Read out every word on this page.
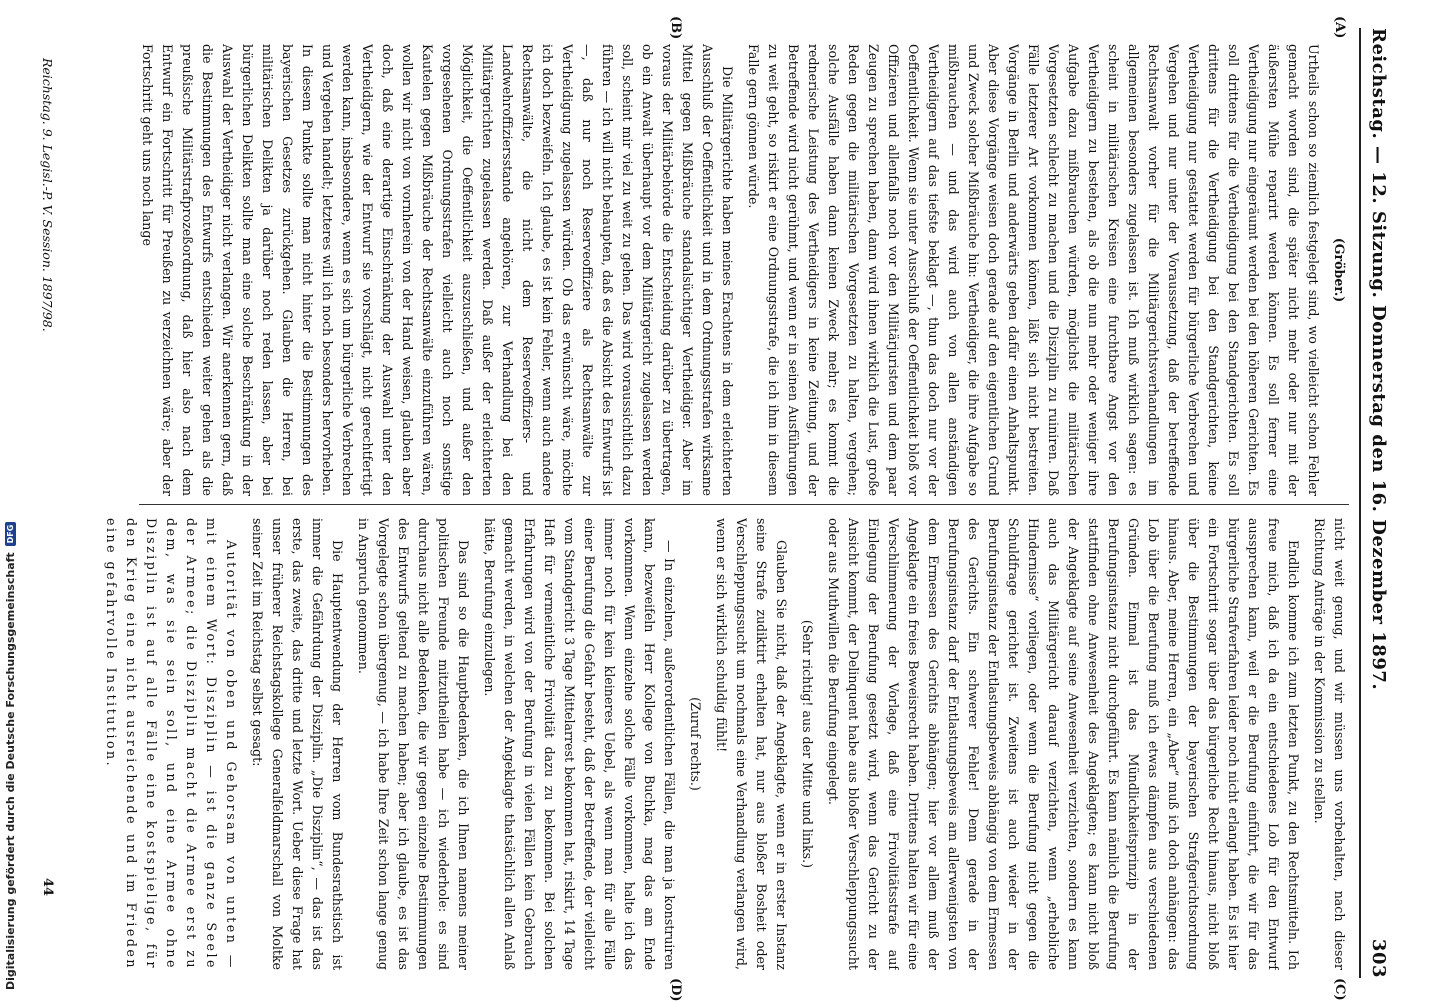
Reichstag. — 12. Sitzung. Donnerstag den 16. Dezember 1897.
303
(A)
(B)
(C)
(D)

(Gröber.)

Urtheils schon so ziemlich festgelegt sind, wo vielleicht schon Fehler gemacht worden sind, die später nicht mehr oder nur mit der äußersten Mühe reparirt werden können. Es soll ferner eine Vertheidigung nur eingeräumt werden bei den höheren Gerichten. Es soll drittens für die Vertheidigung bei den Standgerichten. Es soll drittens für die Vertheidigung bei den Standgerichten, keine Vertheidigung nur gestattet werden für bürgerliche Verbrechen und Vergehen und nur unter der Voraussetzung, daß der betreffende Rechtsanwalt vorher für die Militärgerichtsverhandlungen im allgemeinen besonders zugelassen ist. Ich muß wirklich sagen: es scheint in militärischen Kreisen eine furchtbare Angst vor den Vertheidigern zu bestehen, als ob die nun mehr oder weniger ihre Aufgabe dazu mißbrauchen würden, möglichst die militärischen Vorgesetzten schlecht zu machen und die Disziplin zu ruiniren. Daß Fälle letzterer Art vorkommen können, läßt sich nicht bestreiten. Vorgänge in Berlin und anderwärts geben dafür einen Anhaltspunkt. Aber diese Vorgänge weisen doch gerade auf den eigentlichen Grund und Zweck solcher Mißbräuche hin: Vertheidiger, die ihre Aufgabe so mißbrauchen — und das wird auch von allen anständigen Vertheidigern auf das tiefste beklagt —, thun das doch nur vor der Oeffentlichkeit. Wenn sie unter Ausschluß der Oeffentlichkeit bloß vor Offizieren und allenfalls noch vor den Militärjuristen und dem paar Zeugen zu sprechen haben, dann wird ihnen wirklich die Lust, große Reden gegen die militärischen Vorgesetzten zu halten, vergehen; solche Ausfälle haben dann keinen Zweck mehr; es kommt die rednerische Leistung des Vertheidigers in keine Zeitung, und der Betreffende wird nicht gerühmt, und wenn er in seinen Ausführungen zu weit geht, so riskirt er eine Ordnungsstrafe, die ich ihm in diesem Falle gern gönnen würde.

Die Militärgerichte haben meines Erachtens in dem erleichterten Ausschluß der Oeffentlichkeit und in dem Ordnungsstrafen wirksame Mittel gegen Mißbräuche standalsüchtiger Vertheidiger. Aber im voraus der Militärbehörde die Entscheidung darüber zu übertragen, ob ein Anwalt überhaupt vor dem Militärgericht zugelassen werden soll, scheint mir viel zu weit zu gehen. Das wird voraussichtlich dazu führen — ich will nicht behaupten, daß es die Absicht des Entwurfs ist —, daß nur noch Reserveoffiziere als Rechtsanwälte zur Vertheidigung zugelassen würden. Ob das erwünscht wäre, möchte ich doch bezweifeln. Ich glaube, es ist kein Fehler, wenn auch andere Rechtsanwälte, die nicht dem Reserveoffiziers- und Landwehroffiziersstande angehören, zur Verhandlung bei den Militärgerichten zugelassen werden. Daß außer der erleichterten Möglichkeit, die Oeffentlichkeit auszuschließen, und außer den vorgesehenen Ordnungsstrafen vielleicht auch noch sonstige Kautelen gegen Mißbräuche der Rechtsanwälte einzuführen wären, wollen wir nicht von vornherein von der Hand weisen, glauben aber doch, daß eine derartige Einschränkung der Auswahl unter den Vertheidigern, wie der Entwurf sie vorschlägt, nicht gerechtfertigt werden kann, insbesondere, wenn es sich um bürgerliche Verbrechen und Vergehen handelt; letzteres will ich noch besonders hervorheben. In diesem Punkte sollte man nicht hinter die Bestimmungen des bayerischen Gesetzes zurückgehen. Glauben die Herren, bei militärischen Delikten ja darüber noch reden lassen, aber bei bürgerlichen Delikten sollte man eine solche Beschränkung in der Auswahl der Vertheidiger nicht verlangen. Wir anerkennen gern, daß die Bestimmungen des Entwurfs entschieden weiter gehen als die preußische Militärstrafprozeßordnung, daß hier also nach dem Entwurf ein Fortschritt für Preußen zu verzeichnen wäre; aber der Fortschritt geht uns noch lange

nicht weit genug, und wir müssen uns vorbehalten, nach dieser Richtung Anträge in der Kommission zu stellen.

Endlich komme ich zum letzten Punkt, zu den Rechtsmitteln. Ich freue mich, daß ich da ein entschiedenes Lob für den Entwurf aussprechen kann, weil er die Berufung einführt, die wir für das bürgerliche Strafverfahren leider noch nicht erlangt haben. Es ist hier ein Fortschritt sogar über das bürgerliche Recht hinaus, nicht bloß über die Bestimmungen der bayerischen Strafgerichtsordnung hinaus. Aber, meine Herren, ein „Aber“ muß ich doch anhängen: das Lob über die Berufung muß ich etwas dämpfen aus verschiedenen Gründen. Einmal ist das Mündlichkeitsprinzip in der Berufungsinstanz nicht durchgeführt. Es kann nämlich die Berufung stattfinden ohne Anwesenheit des Angeklagten; es kann nicht bloß der Angeklagte auf seine Anwesenheit verzichten, sondern es kann auch das Militärgericht darauf verzichten, wenn „erhebliche Hindernisse“ vorliegen, oder wenn die Berufung nicht gegen die Schuldfrage gerichtet ist. Zweitens ist auch wieder in der Berufungsinstanz der Entlastungsbeweis abhängig von dem Ermessen des Gerichts. Ein schwerer Fehler! Denn gerade in der Berufungsinstanz darf der Entlastungsbeweis am allerwenigsten von dem Ermessen des Gerichts abhängen; hier vor allem muß der Angeklagte ein freies Beweisrecht haben. Drittens halten wir für eine Verschlimmerung der Vorlage, daß eine Frivolitätsstrafe auf Einlegung der Berufung gesetzt wird, wenn das Gericht zu der Ansicht kommt, der Delinquent habe aus bloßer Verschleppungssucht oder aus Muthwillen die Berufung eingelegt.

(Sehr richtig! aus der Mitte und links.)

Glauben Sie nicht, daß der Angeklagte, wenn er in erster Instanz seine Strafe zudiktirt erhalten hat, nur aus bloßer Bosheit oder Verschleppungssucht um nochmals eine Verhandlung verlangen wird, wenn er sich wirklich schuldig fühlt!

(Zuruf rechts.)

— In einzelnen, außerordentlichen Fällen, die man ja konstruiren kann, bezweifeln Herr Kollege von Buchka, mag das am Ende vorkommen. Wenn einzelne solche Fälle vorkommen, halte ich das immer noch für kein kleineres Uebel, als wenn man für alle Fälle einer Berufung die Gefahr besteht, daß der Betreffende, der vielleicht vom Standgericht 3 Tage Mittelarrest bekommen hat, riskirt, 14 Tage Haft für vermeintliche Frivolität dazu zu bekommen. Bei solchen Erfahrungen wird von der Berufung in vielen Fällen kein Gebrauch gemacht werden, in welchen der Angeklagte thatsächlich allen Anlaß hätte, Berufung einzulegen.

Das sind so die Hauptbedenken, die ich Ihnen namens meiner politischen Freunde mitzutheilen habe — ich wiederhole: es sind durchaus nicht alle Bedenken, die wir gegen einzelne Bestimmungen des Entwurfs geltend zu machen haben; aber ich glaube, es ist das Vorgelegte schon übergenug, — ich habe Ihre Zeit schon lange genug in Anspruch genommen.

Die Hauptentwendung der Herren vom Bundesrathstisch ist immer die Gefährdung der Disziplin. „Die Disziplin“, — das ist das erste, das zweite, das dritte und letzte Wort. Ueber diese Frage hat unser früherer Reichstagskollege Generalfeldmarschall von Moltke seiner Zeit im Reichstag selbst gesagt:

Autorität von oben und Gehorsam von unten — mit einem Wort: Disziplin — ist die ganze Seele der Armee; die Disziplin macht die Armee erst zu dem, was sie sein soll, und eine Armee ohne Disziplin ist auf alle Fälle eine kostspielige, für den Krieg eine nicht ausreichende und im Frieden eine gefahrvolle Institution.

Reichstag. 9. Legisl.-P. V. Session. 1897/98.
44
Digitalisierung gefördert durch die Deutsche Forschungsgemeinschaft
DFG
